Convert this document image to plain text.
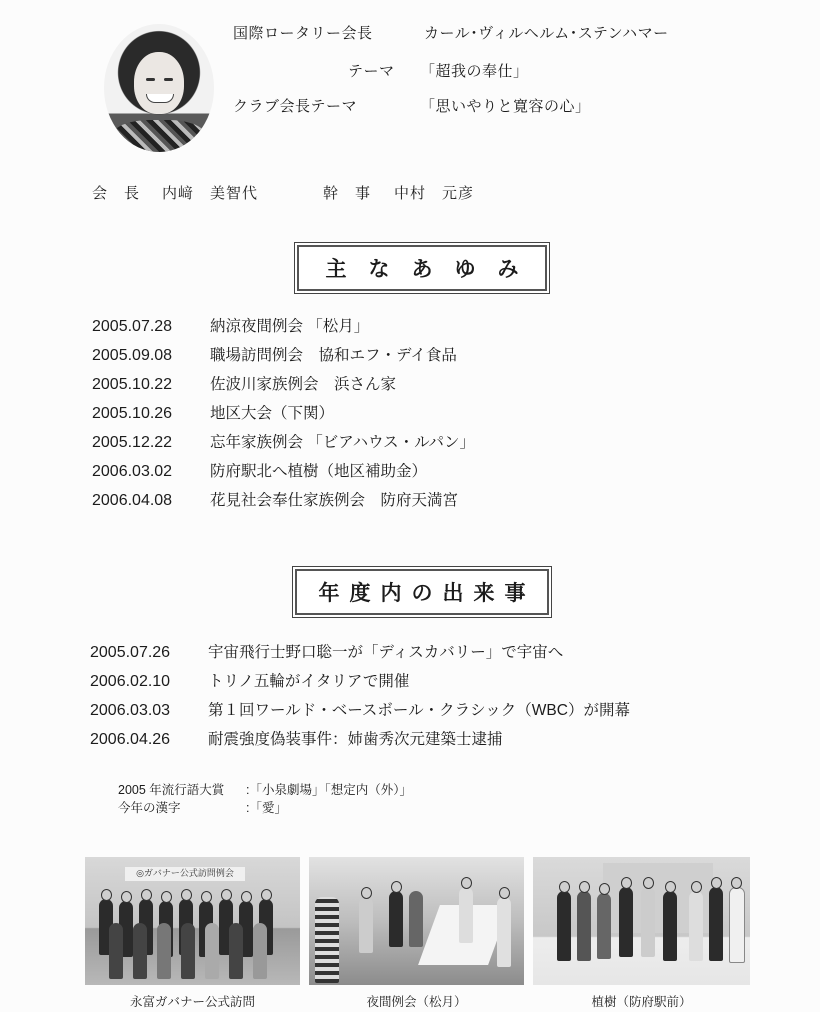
国際ロータリー会長	カール･ヴィルヘルム･ステンハマー
テーマ 「超我の奉仕」
クラブ会長テーマ	「思いやりと寛容の心」
会　長 内﨑　美智代	幹　事 中村　元彦
主なあゆみ
2005.07.28 納涼夜間例会 「松月」
2005.09.08 職場訪問例会　協和エフ・デイ食品
2005.10.22 佐波川家族例会　浜さん家
2005.10.26 地区大会（下関）
2005.12.22 忘年家族例会 「ビアハウス・ルパン」
2006.03.02 防府駅北へ植樹（地区補助金）
2006.04.08 花見社会奉仕家族例会　防府天満宮
年度内の出来事
2005.07.26 宇宙飛行士野口聡一が「ディスカバリー」で宇宙へ
2006.02.10 トリノ五輪がイタリアで開催
2006.03.03 第１回ワールド・ベースボール・クラシック（WBC）が開幕
2006.04.26 耐震強度偽装事件：姉歯秀次元建築士逮捕
2005 年流行語大賞 :「小泉劇場」「想定内（外）」
今年の漢字	:「愛」
◎ガバナー公式訪問例会
永富ガバナー公式訪問	夜間例会（松月）	植樹（防府駅前）
